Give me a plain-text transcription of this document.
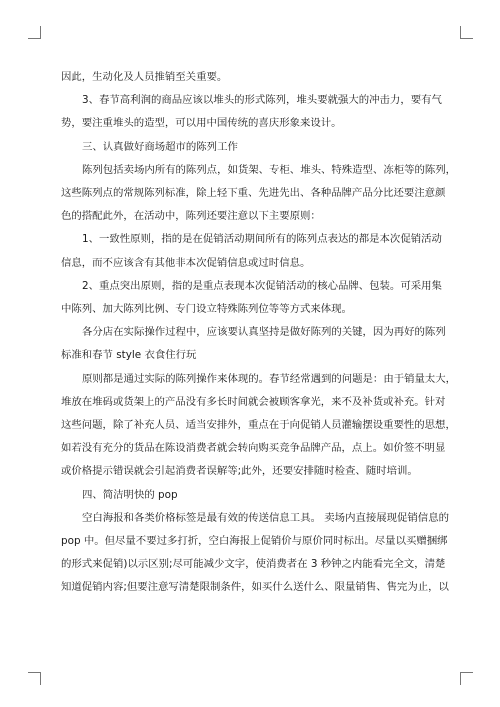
因此，生动化及人员推销至关重要。

3、春节高利润的商品应该以堆头的形式陈列，堆头要就强大的冲击力，要有气
势，要注重堆头的造型，可以用中国传统的喜庆形象来设计。

三、认真做好商场超市的陈列工作

陈列包括卖场内所有的陈列点，如货架、专柜、堆头、特殊造型、冻柜等的陈列，
这些陈列点的常规陈列标准，除上轻下重、先进先出、各种品牌产品分比还要注意颜
色的搭配此外，在活动中，陈列还要注意以下主要原则：

1、一致性原则，指的是在促销活动期间所有的陈列点表达的都是本次促销活动
信息，而不应该含有其他非本次促销信息或过时信息。

2、重点突出原则，指的是重点表现本次促销活动的核心品牌、包装。可采用集
中陈列、加大陈列比例、专门设立特殊陈列位等等方式来体现。

各分店在实际操作过程中，应该要认真坚持是做好陈列的关键，因为再好的陈列
标准和春节 style 衣食住行玩

原则都是通过实际的陈列操作来体现的。春节经常遇到的问题是：由于销量太大，
堆放在堆码或货架上的产品没有多长时间就会被顾客拿光，来不及补货或补充。针对
这些问题，除了补充人员、适当安排外，重点在于向促销人员灌输摆设重要性的思想，
如若没有充分的货品在陈设消费者就会转向购买竞争品牌产品，点上。如价签不明显
或价格提示错误就会引起消费者误解等;此外，还要安排随时检查、随时培训。

四、简洁明快的 pop

空白海报和各类价格标签是最有效的传送信息工具。 卖场内直接展现促销信息的
pop 中。但尽量不要过多打折，空白海报上促销价与原价同时标出。尽量以买赠捆绑
的形式来促销)以示区别;尽可能减少文字，使消费者在 3 秒钟之内能看完全文，清楚
知道促销内容;但要注意写清楚限制条件，如买什么送什么、限量销售、售完为止，以
